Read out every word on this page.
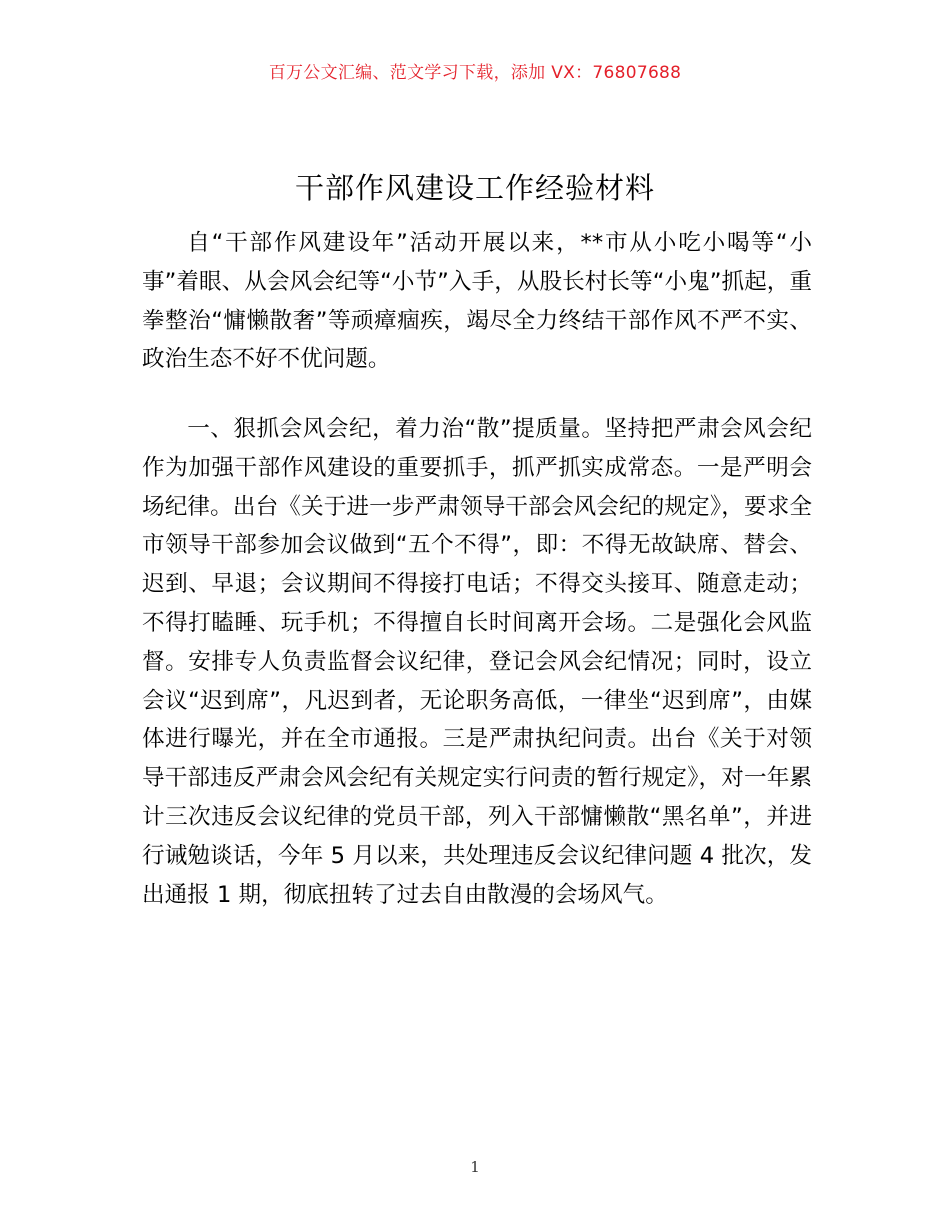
百万公文汇编、范文学习下载，添加 VX：76807688
干部作风建设工作经验材料

自“干部作风建设年”活动开展以来，**市从小吃小喝等“小事”着眼、从会风会纪等“小节”入手，从股长村长等“小鬼”抓起，重拳整治“慵懒散奢”等顽瘴痼疾，竭尽全力终结干部作风不严不实、政治生态不好不优问题。

一、狠抓会风会纪，着力治“散”提质量。坚持把严肃会风会纪作为加强干部作风建设的重要抓手，抓严抓实成常态。一是严明会场纪律。出台《关于进一步严肃领导干部会风会纪的规定》，要求全市领导干部参加会议做到“五个不得”，即：不得无故缺席、替会、迟到、早退；会议期间不得接打电话；不得交头接耳、随意走动；不得打瞌睡、玩手机；不得擅自长时间离开会场。二是强化会风监督。安排专人负责监督会议纪律，登记会风会纪情况；同时，设立会议“迟到席”，凡迟到者，无论职务高低，一律坐“迟到席”，由媒体进行曝光，并在全市通报。三是严肃执纪问责。出台《关于对领导干部违反严肃会风会纪有关规定实行问责的暂行规定》，对一年累计三次违反会议纪律的党员干部，列入干部慵懒散“黑名单”，并进行诫勉谈话，今年 5 月以来，共处理违反会议纪律问题 4 批次，发出通报 1 期，彻底扭转了过去自由散漫的会场风气。

1
